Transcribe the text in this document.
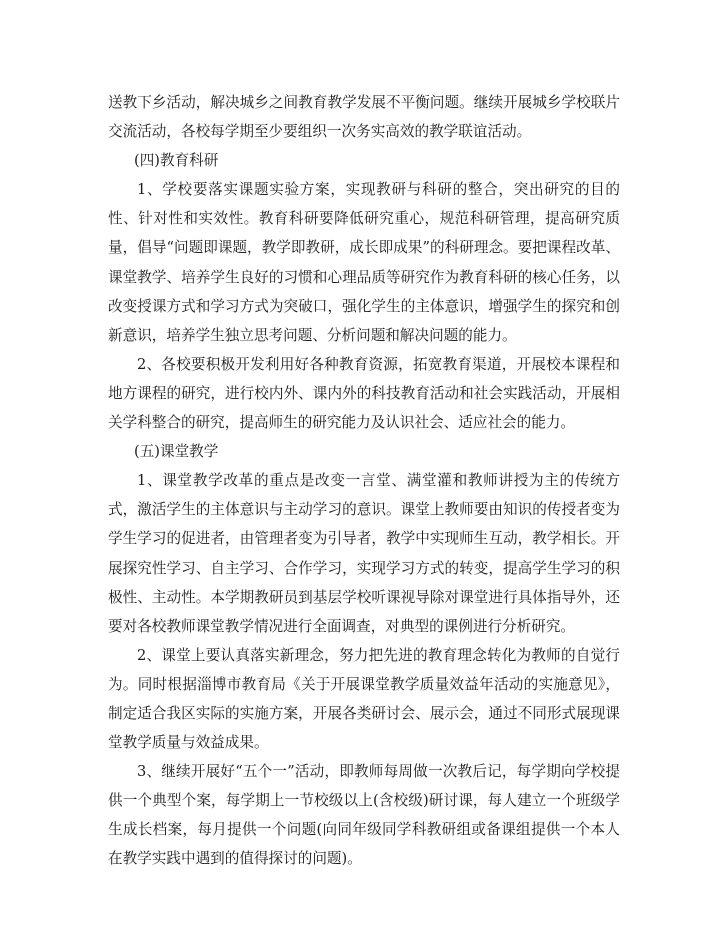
送教下乡活动，解决城乡之间教育教学发展不平衡问题。继续开展城乡学校联片交流活动，各校每学期至少要组织一次务实高效的教学联谊活动。

(四)教育科研

1、学校要落实课题实验方案，实现教研与科研的整合，突出研究的目的性、针对性和实效性。教育科研要降低研究重心，规范科研管理，提高研究质量，倡导“问题即课题，教学即教研，成长即成果”的科研理念。要把课程改革、课堂教学、培养学生良好的习惯和心理品质等研究作为教育科研的核心任务，以改变授课方式和学习方式为突破口，强化学生的主体意识，增强学生的探究和创新意识，培养学生独立思考问题、分析问题和解决问题的能力。

2、各校要积极开发利用好各种教育资源，拓宽教育渠道，开展校本课程和地方课程的研究，进行校内外、课内外的科技教育活动和社会实践活动，开展相关学科整合的研究，提高师生的研究能力及认识社会、适应社会的能力。

(五)课堂教学

1、课堂教学改革的重点是改变一言堂、满堂灌和教师讲授为主的传统方式，激活学生的主体意识与主动学习的意识。课堂上教师要由知识的传授者变为学生学习的促进者，由管理者变为引导者，教学中实现师生互动，教学相长。开展探究性学习、自主学习、合作学习，实现学习方式的转变，提高学生学习的积极性、主动性。本学期教研员到基层学校听课视导除对课堂进行具体指导外，还要对各校教师课堂教学情况进行全面调查，对典型的课例进行分析研究。

2、课堂上要认真落实新理念，努力把先进的教育理念转化为教师的自觉行为。同时根据淄博市教育局《关于开展课堂教学质量效益年活动的实施意见》，制定适合我区实际的实施方案，开展各类研讨会、展示会，通过不同形式展现课堂教学质量与效益成果。

3、继续开展好“五个一”活动，即教师每周做一次教后记，每学期向学校提供一个典型个案，每学期上一节校级以上(含校级)研讨课，每人建立一个班级学生成长档案，每月提供一个问题(向同年级同学科教研组或备课组提供一个本人在教学实践中遇到的值得探讨的问题)。
